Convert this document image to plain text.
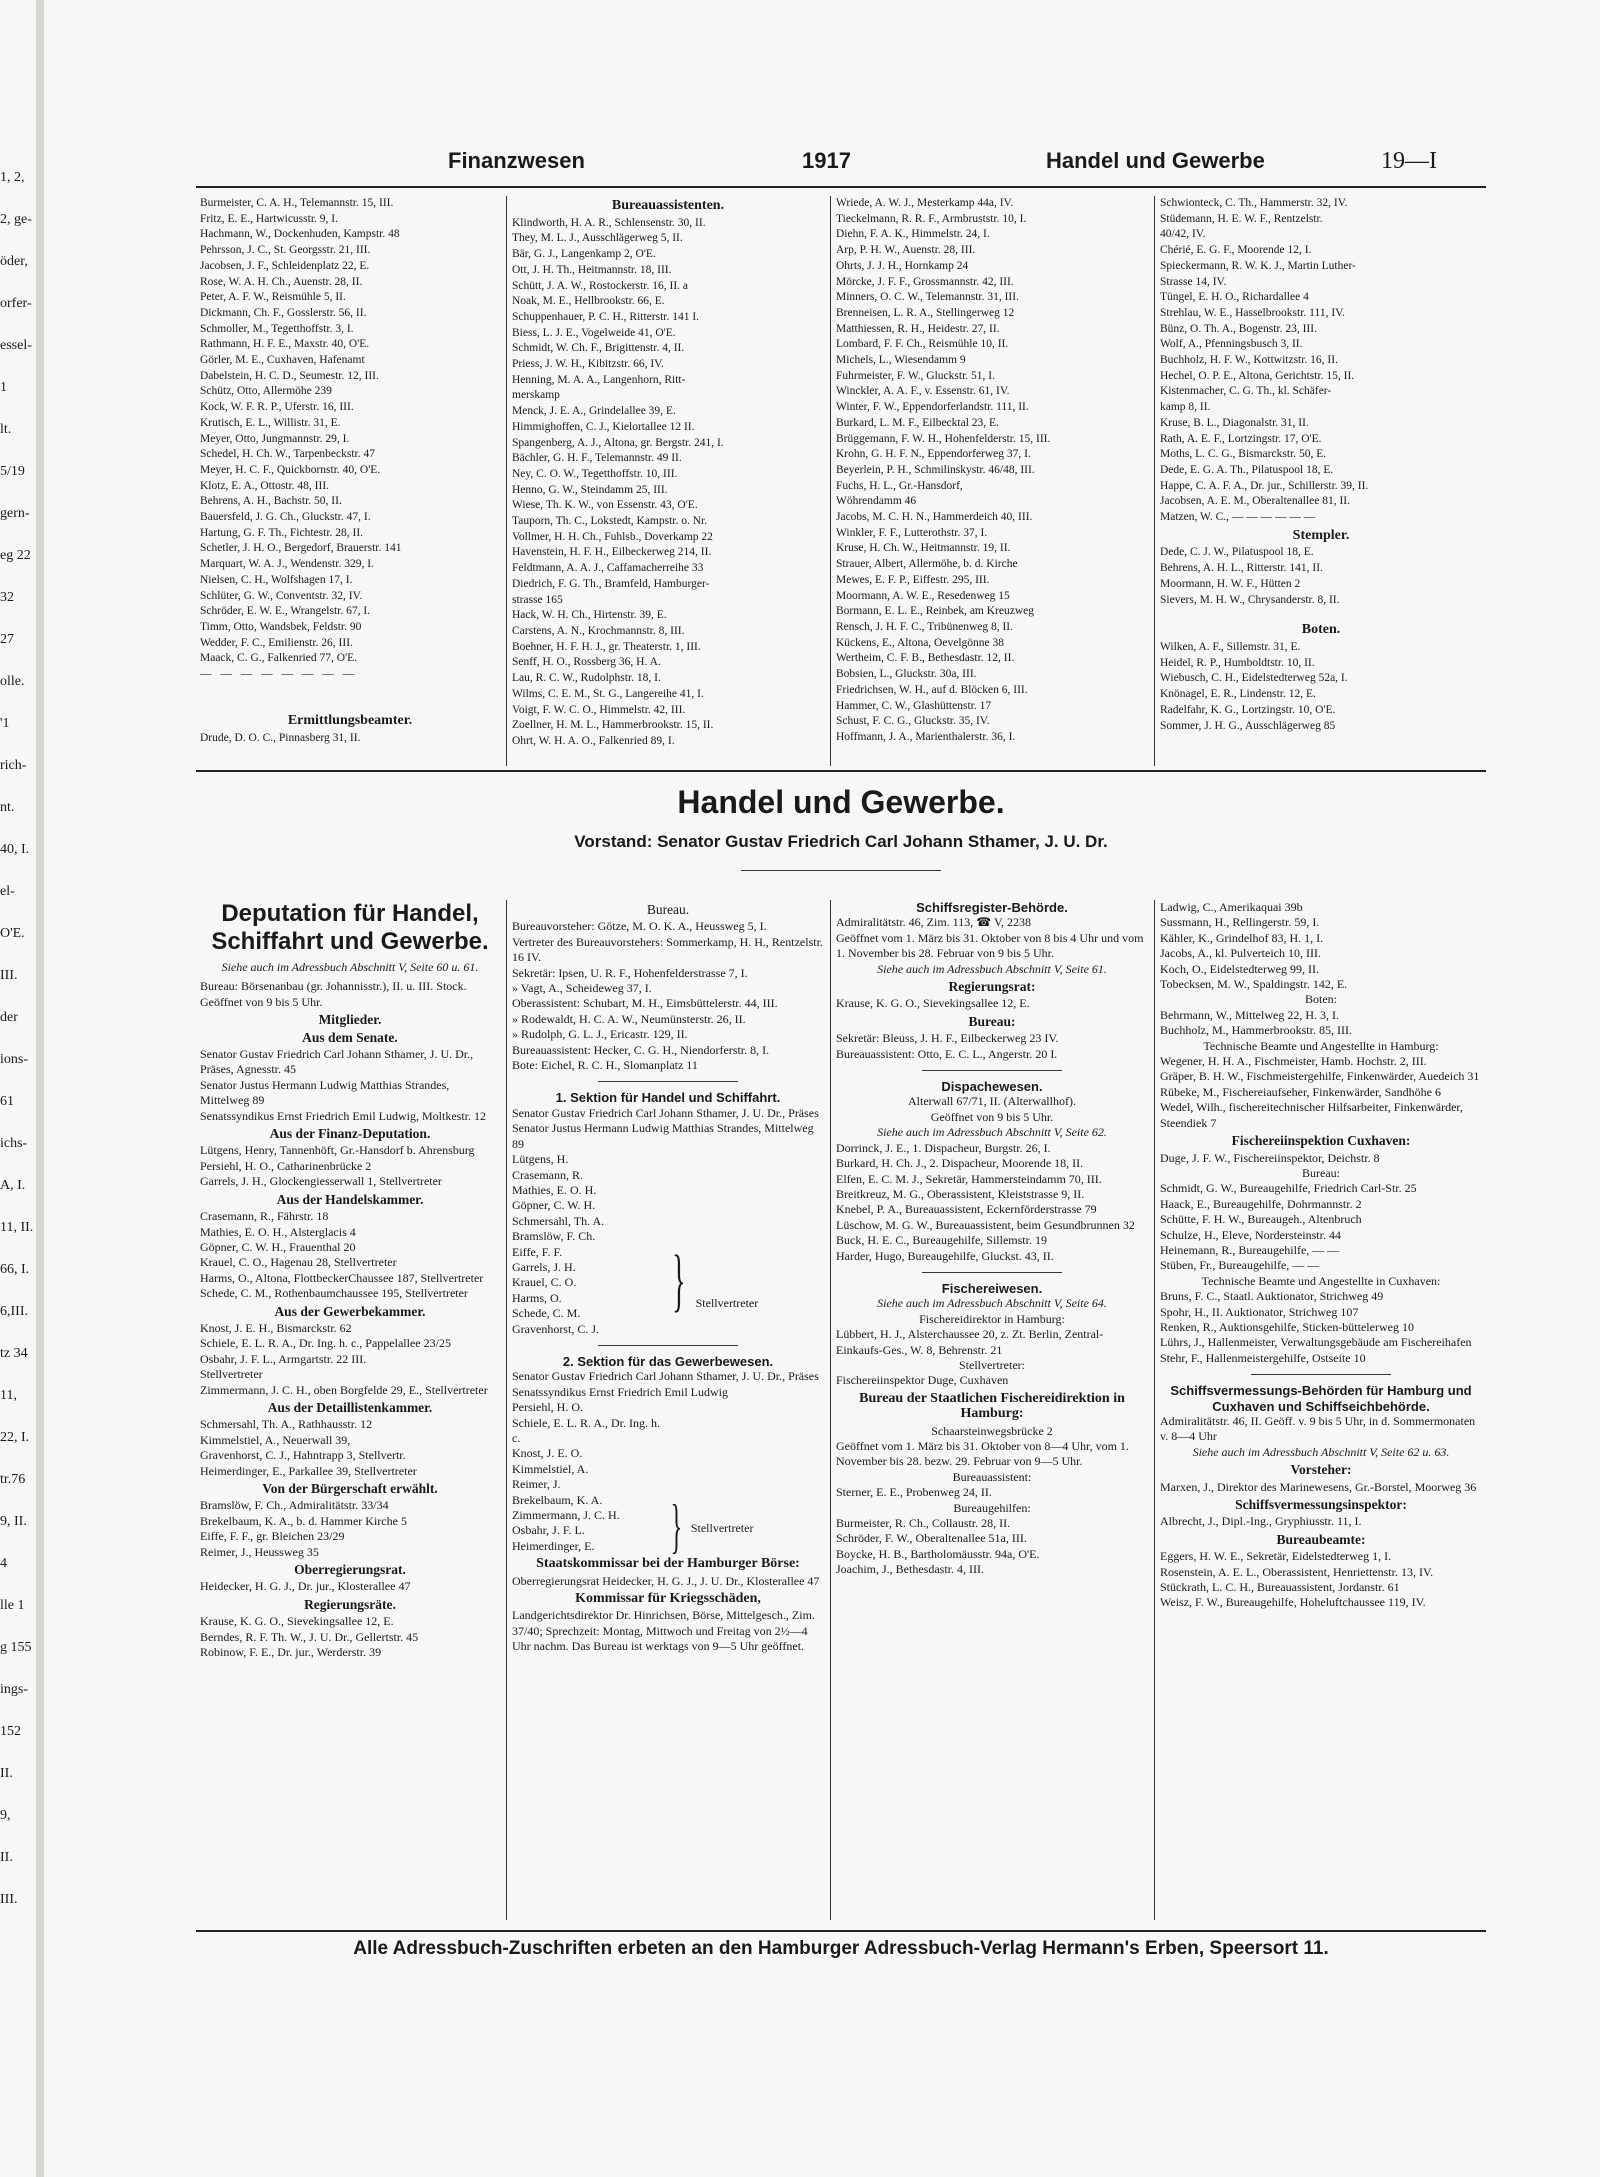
1, 2,
2, ge-
öder,
orfer-
essel-
1
lt.
5/19
gern-
eg 22
32
27
olle.
'1
rich-
nt.
40, I.
el-
O'E.
III.
der
ions-
61
ichs-
A, I.
11, II.
66, I.
6,III.
tz 34
11,
22, I.
tr.76
9, II.
4
lle 1
g 155
ings-
152
II.
9,
II.
III.
Finanzwesen	1917	Handel und Gewerbe	19—I
Burmeister, C. A. H., Telemannstr. 15, III.
Fritz, E. E., Hartwicusstr. 9, I.
Hachmann, W., Dockenhuden, Kampstr. 48
Pehrsson, J. C., St. Georgsstr. 21, III.
Jacobsen, J. F., Schleidenplatz 22, E.
Rose, W. A. H. Ch., Auenstr. 28, II.
Peter, A. F. W., Reismühle 5, II.
Dickmann, Ch. F., Gosslerstr. 56, II.
Schmoller, M., Tegetthoffstr. 3, I.
Rathmann, H. F. E., Maxstr. 40, O'E.
Görler, M. E., Cuxhaven, Hafenamt
Dabelstein, H. C. D., Seumestr. 12, III.
Schütz, Otto, Allermöhe 239
Kock, W. F. R. P., Uferstr. 16, III.
Krutisch, E. L., Willistr. 31, E.
Meyer, Otto, Jungmannstr. 29, I.
Schedel, H. Ch. W., Tarpenbeckstr. 47
Meyer, H. C. F., Quickbornstr. 40, O'E.
Klotz, E. A., Ottostr. 48, III.
Behrens, A. H., Bachstr. 50, II.
Bauersfeld, J. G. Ch., Gluckstr. 47, I.
Hartung, G. F. Th., Fichtestr. 28, II.
Schetler, J. H. O., Bergedorf, Brauerstr. 141
Marquart, W. A. J., Wendenstr. 329, I.
Nielsen, C. H., Wolfshagen 17, I.
Schlüter, G. W., Conventstr. 32, IV.
Schröder, E. W. E., Wrangelstr. 67, I.
Timm, Otto, Wandsbek, Feldstr. 90
Wedder, F. C., Emilienstr. 26, III.
Maack, C. G., Falkenried 77, O'E.
— — — — — — — —
Ermittlungsbeamter.
Drude, D. O. C., Pinnasberg 31, II.
Bureauassistenten.
Klindworth, H. A. R., Schlensenstr. 30, II.
They, M. L. J., Ausschlägerweg 5, II.
Bär, G. J., Langenkamp 2, O'E.
Ott, J. H. Th., Heitmannstr. 18, III.
Schütt, J. A. W., Rostockerstr. 16, II. a
Noak, M. E., Hellbrookstr. 66, E.
Schuppenhauer, P. C. H., Ritterstr. 141 I.
Biess, L. J. E., Vogelweide 41, O'E.
Schmidt, W. Ch. F., Brigittenstr. 4, II.
Priess, J. W. H., Kibitzstr. 66, IV.
Henning, M. A. A., Langenhorn, Ritt-
merskamp
Menck, J. E. A., Grindelallee 39, E.
Himmighoffen, C. J., Kielortallee 12 II.
Spangenberg, A. J., Altona, gr. Bergstr. 241, I.
Bächler, G. H. F., Telemannstr. 49 II.
Ney, C. O. W., Tegetthoffstr. 10, III.
Henno, G. W., Steindamm 25, III.
Wiese, Th. K. W., von Essenstr. 43, O'E.
Tauporn, Th. C., Lokstedt, Kampstr. o. Nr.
Vollmer, H. H. Ch., Fuhlsb., Doverkamp 22
Havenstein, H. F. H., Eilbeckerweg 214, II.
Feldtmann, A. A. J., Caffamacherreihe 33
Diedrich, F. G. Th., Bramfeld, Hamburger-
strasse 165
Hack, W. H. Ch., Hirtenstr. 39, E.
Carstens, A. N., Krochmannstr. 8, III.
Boehner, H. F. H. J., gr. Theaterstr. 1, III.
Senff, H. O., Rossberg 36, H. A.
Lau, R. C. W., Rudolphstr. 18, I.
Wilms, C. E. M., St. G., Langereihe 41, I.
Voigt, F. W. C. O., Himmelstr. 42, III.
Zoellner, H. M. L., Hammerbrookstr. 15, II.
Ohrt, W. H. A. O., Falkenried 89, I.
Wriede, A. W. J., Mesterkamp 44a, IV.
Tieckelmann, R. R. F., Armbruststr. 10, I.
Diehn, F. A. K., Himmelstr. 24, I.
Arp, P. H. W., Auenstr. 28, III.
Ohrts, J. J. H., Hornkamp 24
Mörcke, J. F. F., Grossmannstr. 42, III.
Minners, O. C. W., Telemannstr. 31, III.
Brenneisen, L. R. A., Stellingerweg 12
Matthiessen, R. H., Heidestr. 27, II.
Lombard, F. F. Ch., Reismühle 10, II.
Michels, L., Wiesendamm 9
Fuhrmeister, F. W., Gluckstr. 51, I.
Winckler, A. A. F., v. Essenstr. 61, IV.
Winter, F. W., Eppendorferlandstr. 111, II.
Burkard, L. M. F., Eilbecktal 23, E.
Brüggemann, F. W. H., Hohenfelderstr. 15, III.
Krohn, G. H. F. N., Eppendorferweg 37, I.
Beyerlein, P. H., Schmilinskystr. 46/48, III.
Fuchs, H. L., Gr.-Hansdorf,
Wöhrendamm 46
Jacobs, M. C. H. N., Hammerdeich 40, III.
Winkler, F. F., Lutterothstr. 37, I.
Kruse, H. Ch. W., Heitmannstr. 19, II.
Strauer, Albert, Allermöhe, b. d. Kirche
Mewes, E. F. P., Eiffestr. 295, III.
Moormann, A. W. E., Resedenweg 15
Bormann, E. L. E., Reinbek, am Kreuzweg
Rensch, J. H. F. C., Tribünenweg 8, II.
Kückens, E., Altona, Oevelgönne 38
Wertheim, C. F. B., Bethesdastr. 12, II.
Bobsien, L., Gluckstr. 30a, III.
Friedrichsen, W. H., auf d. Blöcken 6, III.
Hammer, C. W., Glashüttenstr. 17
Schust, F. C. G., Gluckstr. 35, IV.
Hoffmann, J. A., Marienthalerstr. 36, I.
Schwionteck, C. Th., Hammerstr. 32, IV.
Stüdemann, H. E. W. F., Rentzelstr.
40/42, IV.
Chérié, E. G. F., Moorende 12, I.
Spieckermann, R. W. K. J., Martin Luther-
Strasse 14, IV.
Tüngel, E. H. O., Richardallee 4
Strehlau, W. E., Hasselbrookstr. 111, IV.
Bünz, O. Th. A., Bogenstr. 23, III.
Wolf, A., Pfenningsbusch 3, II.
Buchholz, H. F. W., Kottwitzstr. 16, II.
Hechel, O. P. E., Altona, Gerichtstr. 15, II.
Kistenmacher, C. G. Th., kl. Schäfer-
kamp 8, II.
Kruse, B. L., Diagonalstr. 31, II.
Rath, A. E. F., Lortzingstr. 17, O'E.
Moths, L. C. G., Bismarckstr. 50, E.
Dede, E. G. A. Th., Pilatuspool 18, E.
Happe, C. A. F. A., Dr. jur., Schillerstr. 39, II.
Jacobsen, A. E. M., Oberaltenallee 81, II.
Matzen, W. C., — — — — — —
Stempler.
Dede, C. J. W., Pilatuspool 18, E.
Behrens, A. H. L., Ritterstr. 141, II.
Moormann, H. W. F., Hütten 2
Sievers, M. H. W., Chrysanderstr. 8, II.
Boten.
Wilken, A. F., Sillemstr. 31, E.
Heidel, R. P., Humboldtstr. 10, II.
Wiebusch, C. H., Eidelstedterweg 52a, I.
Knönagel, E. R., Lindenstr. 12, E.
Radelfahr, K. G., Lortzingstr. 10, O'E.
Sommer, J. H. G., Ausschlägerweg 85
Handel und Gewerbe.
Vorstand: Senator Gustav Friedrich Carl Johann Sthamer, J. U. Dr.
Deputation für Handel, Schiffahrt und Gewerbe.

Siehe auch im Adressbuch Abschnitt V, Seite 60 u. 61.

Bureau: Börsenanbau (gr. Johannisstr.), II. u. III. Stock. Geöffnet von 9 bis 5 Uhr.

Mitglieder.
Aus dem Senate.

Senator Gustav Friedrich Carl Johann Sthamer, J. U. Dr., Präses, Agnesstr. 45

Senator Justus Hermann Ludwig Matthias Strandes, Mittelweg 89

Senatssyndikus Ernst Friedrich Emil Ludwig, Moltkestr. 12

Aus der Finanz-Deputation.

Lütgens, Henry, Tannenhöft, Gr.-Hansdorf b. Ahrensburg

Persiehl, H. O., Catharinenbrücke 2

Garrels, J. H., Glockengiesserwall 1, Stellvertreter

Aus der Handelskammer.

Crasemann, R., Fährstr. 18

Mathies, E. O. H., Alsterglacis 4

Göpner, C. W. H., Frauenthal 20

Krauel, C. O., Hagenau 28, Stellvertreter

Harms, O., Altona, FlottbeckerChaussee 187, Stellvertreter

Schede, C. M., Rothenbaumchaussee 195, Stellvertreter

Aus der Gewerbekammer.

Knost, J. E. H., Bismarckstr. 62

Schiele, E. L. R. A., Dr. Ing. h. c., Pappelallee 23/25

Osbahr, J. F. L., Armgartstr. 22 III.

Stellvertreter

Zimmermann, J. C. H., oben Borgfelde 29, E., Stellvertreter

Aus der Detaillistenkammer.

Schmersahl, Th. A., Rathhausstr. 12

Kimmelstiel, A., Neuerwall 39,

Gravenhorst, C. J., Hahntrapp 3, Stellvertr.

Heimerdinger, E., Parkallee 39, Stellvertreter

Von der Bürgerschaft erwählt.

Bramslöw, F. Ch., Admiralitätstr. 33/34

Brekelbaum, K. A., b. d. Hammer Kirche 5

Eiffe, F. F., gr. Bleichen 23/29

Reimer, J., Heussweg 35

Oberregierungsrat.

Heidecker, H. G. J., Dr. jur., Klosterallee 47

Regierungsräte.

Krause, K. G. O., Sievekingsallee 12, E.

Berndes, R. F. Th. W., J. U. Dr., Gellertstr. 45

Robinow, F. E., Dr. jur., Werderstr. 39

Bureau.

Bureauvorsteher: Götze, M. O. K. A., Heussweg 5, I.

Vertreter des Bureauvorstehers: Sommerkamp, H. H., Rentzelstr. 16 IV.

Sekretär: Ipsen, U. R. F., Hohenfelderstrasse 7, I.

» Vagt, A., Scheideweg 37, I.

Oberassistent: Schubart, M. H., Eimsbüttelerstr. 44, III.

» Rodewaldt, H. C. A. W., Neumünsterstr. 26, II.

» Rudolph, G. L. J., Ericastr. 129, II.

Bureauassistent: Hecker, C. G. H., Niendorferstr. 8, I.

Bote: Eichel, R. C. H., Slomanplatz 11

1. Sektion für Handel und Schiffahrt.

Senator Gustav Friedrich Carl Johann Sthamer, J. U. Dr., Präses

Senator Justus Hermann Ludwig Matthias Strandes, Mittelweg 89

Lütgens, H.

Crasemann, R.

Mathies, E. O. H.

Göpner, C. W. H.

Schmersahl, Th. A.

Bramslöw, F. Ch.

Eiffe, F. F.

Garrels, J. H.

Krauel, C. O.

Harms, O.

Schede, C. M.

Gravenhorst, C. J.

} Stellvertreter
2. Sektion für das Gewerbewesen.

Senator Gustav Friedrich Carl Johann Sthamer, J. U. Dr., Präses

Senatssyndikus Ernst Friedrich Emil Ludwig

Persiehl, H. O.

Schiele, E. L. R. A., Dr. Ing. h. c.

Knost, J. E. O.

Kimmelstiel, A.

Reimer, J.

Brekelbaum, K. A.

Zimmermann, J. C. H.

Osbahr, J. F. L.

Heimerdinger, E.	} Stellvertreter
Staatskommissar bei der Hamburger Börse:

Oberregierungsrat Heidecker, H. G. J., J. U. Dr., Klosterallee 47

Kommissar für Kriegsschäden,

Landgerichtsdirektor Dr. Hinrichsen, Börse, Mittelgesch., Zim. 37/40; Sprechzeit: Montag, Mittwoch und Freitag von 2½—4 Uhr nachm. Das Bureau ist werktags von 9—5 Uhr geöffnet.

Schiffsregister-Behörde.

Admiralitätstr. 46, Zim. 113, ☎ V, 2238

Geöffnet vom 1. März bis 31. Oktober von 8 bis 4 Uhr und vom 1. November bis 28. Februar von 9 bis 5 Uhr.

Siehe auch im Adressbuch Abschnitt V, Seite 61.

Regierungsrat:

Krause, K. G. O., Sievekingsallee 12, E.

Bureau:

Sekretär: Bleuss, J. H. F., Eilbeckerweg 23 IV.

Bureauassistent: Otto, E. C. L., Angerstr. 20 I.

Dispachewesen.

Alterwall 67/71, II. (Alterwallhof).

Geöffnet von 9 bis 5 Uhr.

Siehe auch im Adressbuch Abschnitt V, Seite 62.

Dorrinck, J. E., 1. Dispacheur, Burgstr. 26, I.

Burkard, H. Ch. J., 2. Dispacheur, Moorende 18, II.

Elfen, E. C. M. J., Sekretär, Hammersteindamm 70, III.

Breitkreuz, M. G., Oberassistent, Kleiststrasse 9, II.

Knebel, P. A., Bureauassistent, Eckernförderstrasse 79

Lüschow, M. G. W., Bureauassistent, beim Gesundbrunnen 32

Buck, H. E. C., Bureaugehilfe, Sillemstr. 19

Harder, Hugo, Bureaugehilfe, Gluckst. 43, II.

Fischereiwesen.

Siehe auch im Adressbuch Abschnitt V, Seite 64.

Fischereidirektor in Hamburg:

Lübbert, H. J., Alsterchaussee 20, z. Zt. Berlin, Zentral-Einkaufs-Ges., W. 8, Behrenstr. 21

Stellvertreter:

Fischereiinspektor Duge, Cuxhaven

Bureau der Staatlichen Fischereidirektion in Hamburg:

Schaarsteinwegsbrücke 2

Geöffnet vom 1. März bis 31. Oktober von 8—4 Uhr, vom 1. November bis 28. bezw. 29. Februar von 9—5 Uhr.

Bureauassistent:

Sterner, E. E., Probenweg 24, II.

Bureaugehilfen:

Burmeister, R. Ch., Collaustr. 28, II.

Schröder, F. W., Oberaltenallee 51a, III.

Boycke, H. B., Bartholomäusstr. 94a, O'E.

Joachim, J., Bethesdastr. 4, III.

Ladwig, C., Amerikaquai 39b

Sussmann, H., Rellingerstr. 59, I.

Kähler, K., Grindelhof 83, H. 1, I.

Jacobs, A., kl. Pulverteich 10, III.

Koch, O., Eidelstedterweg 99, II.

Tobecksen, M. W., Spaldingstr. 142, E.

Boten:

Behrmann, W., Mittelweg 22, H. 3, I.

Buchholz, M., Hammerbrookstr. 85, III.

Technische Beamte und Angestellte in Hamburg:

Wegener, H. H. A., Fischmeister, Hamb. Hochstr. 2, III.

Gräper, B. H. W., Fischmeistergehilfe, Finkenwärder, Auedeich 31

Rübeke, M., Fischereiaufseher, Finkenwärder, Sandhöhe 6

Wedel, Wilh., fischereitechnischer Hilfsarbeiter, Finkenwärder, Steendiek 7

Fischereiinspektion Cuxhaven:

Duge, J. F. W., Fischereiinspektor, Deichstr. 8

Bureau:

Schmidt, G. W., Bureaugehilfe, Friedrich Carl-Str. 25

Haack, E., Bureaugehilfe, Dohrmannstr. 2

Schütte, F. H. W., Bureaugeh., Altenbruch

Schulze, H., Eleve, Nordersteinstr. 44

Heinemann, R., Bureaugehilfe, — —

Stüben, Fr., Bureaugehilfe, — —

Technische Beamte und Angestellte in Cuxhaven:

Bruns, F. C., Staatl. Auktionator, Strichweg 49

Spohr, H., II. Auktionator, Strichweg 107

Renken, R., Auktionsgehilfe, Sticken-büttelerweg 10

Lührs, J., Hallenmeister, Verwaltungsgebäude am Fischereihafen

Stehr, F., Hallenmeistergehilfe, Ostseite 10

Schiffsvermessungs-Behörden für Hamburg und Cuxhaven und Schiffseichbehörde.

Admiralitätstr. 46, II. Geöff. v. 9 bis 5 Uhr, in d. Sommermonaten v. 8—4 Uhr

Siehe auch im Adressbuch Abschnitt V, Seite 62 u. 63.

Vorsteher:

Marxen, J., Direktor des Marinewesens, Gr.-Borstel, Moorweg 36

Schiffsvermessungsinspektor:

Albrecht, J., Dipl.-Ing., Gryphiusstr. 11, I.

Bureaubeamte:

Eggers, H. W. E., Sekretär, Eidelstedterweg 1, I.

Rosenstein, A. E. L., Oberassistent, Henriettenstr. 13, IV.

Stückrath, L. C. H., Bureauassistent, Jordanstr. 61

Weisz, F. W., Bureaugehilfe, Hoheluftchaussee 119, IV.

Alle Adressbuch-Zuschriften erbeten an den Hamburger Adressbuch-Verlag Hermann's Erben, Speersort 11.
